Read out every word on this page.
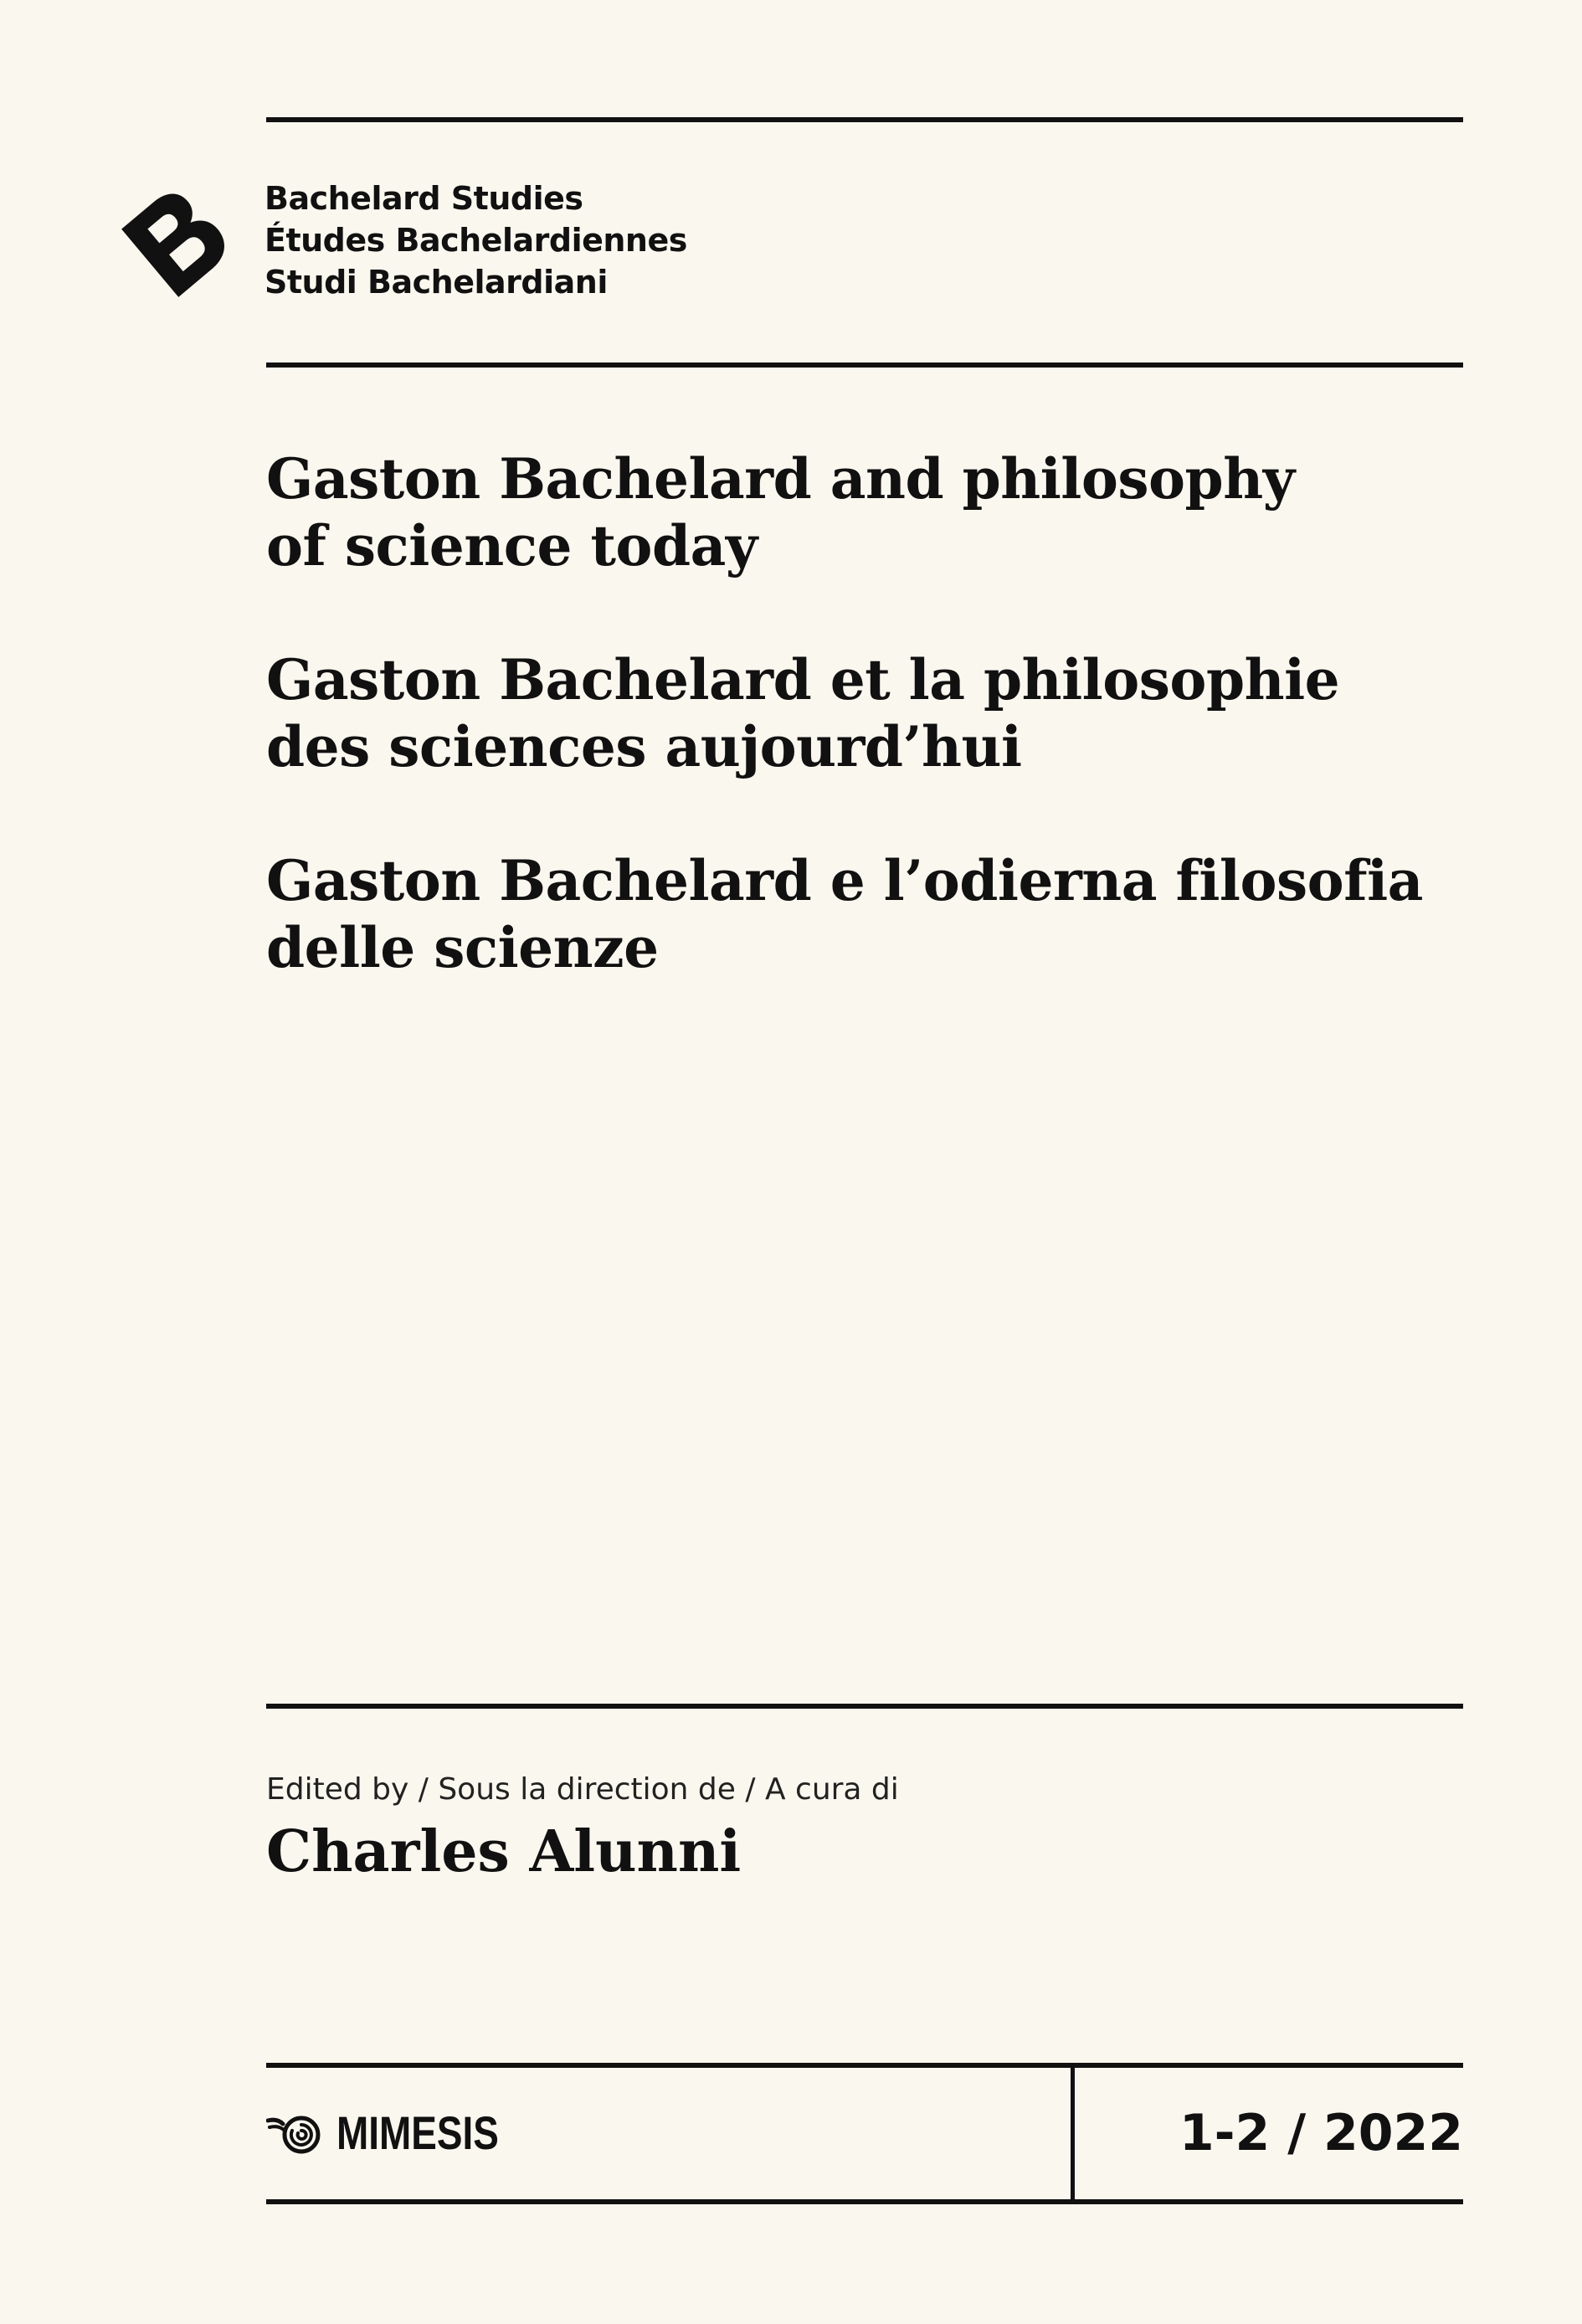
Bachelard Studies
Études Bachelardiennes
Studi Bachelardiani
Gaston Bachelard and philosophy
of science today
Gaston Bachelard et la philosophie
des sciences aujourd’hui
Gaston Bachelard e l’odierna filosofia
delle scienze
Edited by / Sous la direction de / A cura di
Charles Alunni
MIMESIS	1-2 / 2022
